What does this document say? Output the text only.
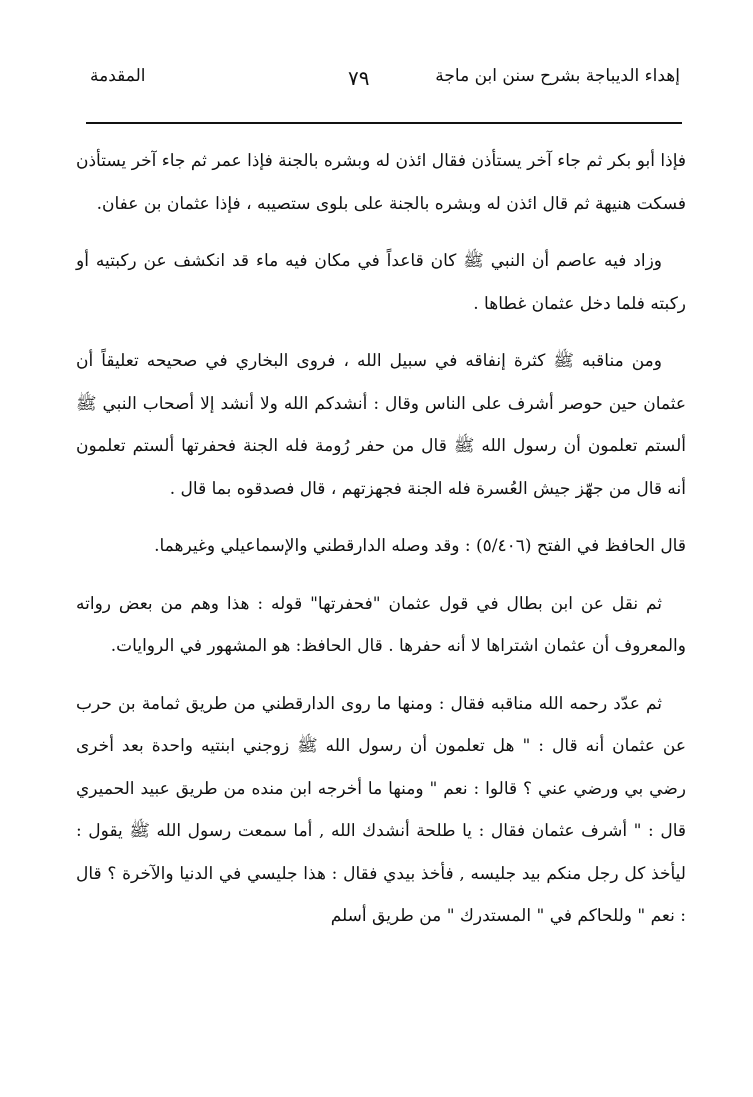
إهداء الديباجة بشرح سنن ابن ماجة
٧٩
المقدمة

فإذا أبو بكر ثم جاء آخر يستأذن فقال ائذن له وبشره بالجنة فإذا عمر ثم جاء آخر يستأذن فسكت هنيهة ثم قال ائذن له وبشره بالجنة على بلوى ستصيبه ، فإذا عثمان بن عفان.

وزاد فيه عاصم أن النبي ﷺ كان قاعداً في مكان فيه ماء قد انكشف عن ركبتيه أو ركبته فلما دخل عثمان غطاها .

ومن مناقبه ﷺ كثرة إنفاقه في سبيل الله ، فروى البخاري في صحيحه تعليقاً أن عثمان حين حوصر أشرف على الناس وقال : أنشدكم الله ولا أنشد إلا أصحاب النبي ﷺ ألستم تعلمون أن رسول الله ﷺ قال من حفر رُومة فله الجنة فحفرتها ألستم تعلمون أنه قال من جهّز جيش العُسرة فله الجنة فجهزتهم ، قال فصدقوه بما قال .

قال الحافظ في الفتح (٥/٤٠٦) : وقد وصله الدارقطني والإسماعيلي وغيرهما.

ثم نقل عن ابن بطال في قول عثمان "فحفرتها" قوله : هذا وهم من بعض رواته والمعروف أن عثمان اشتراها لا أنه حفرها . قال الحافظ: هو المشهور في الروايات.

ثم عدّد رحمه الله مناقبه فقال : ومنها ما روى الدارقطني من طريق ثمامة بن حرب عن عثمان أنه قال : " هل تعلمون أن رسول الله ﷺ زوجني ابنتيه واحدة بعد أخرى رضي بي ورضي عني ؟ قالوا : نعم " ومنها ما أخرجه ابن منده من طريق عبيد الحميري قال : " أشرف عثمان فقال : يا طلحة أنشدك الله , أما سمعت رسول الله ﷺ يقول : ليأخذ كل رجل منكم بيد جليسه , فأخذ بيدي فقال : هذا جليسي في الدنيا والآخرة ؟ قال : نعم " وللحاكم في " المستدرك " من طريق أسلم
